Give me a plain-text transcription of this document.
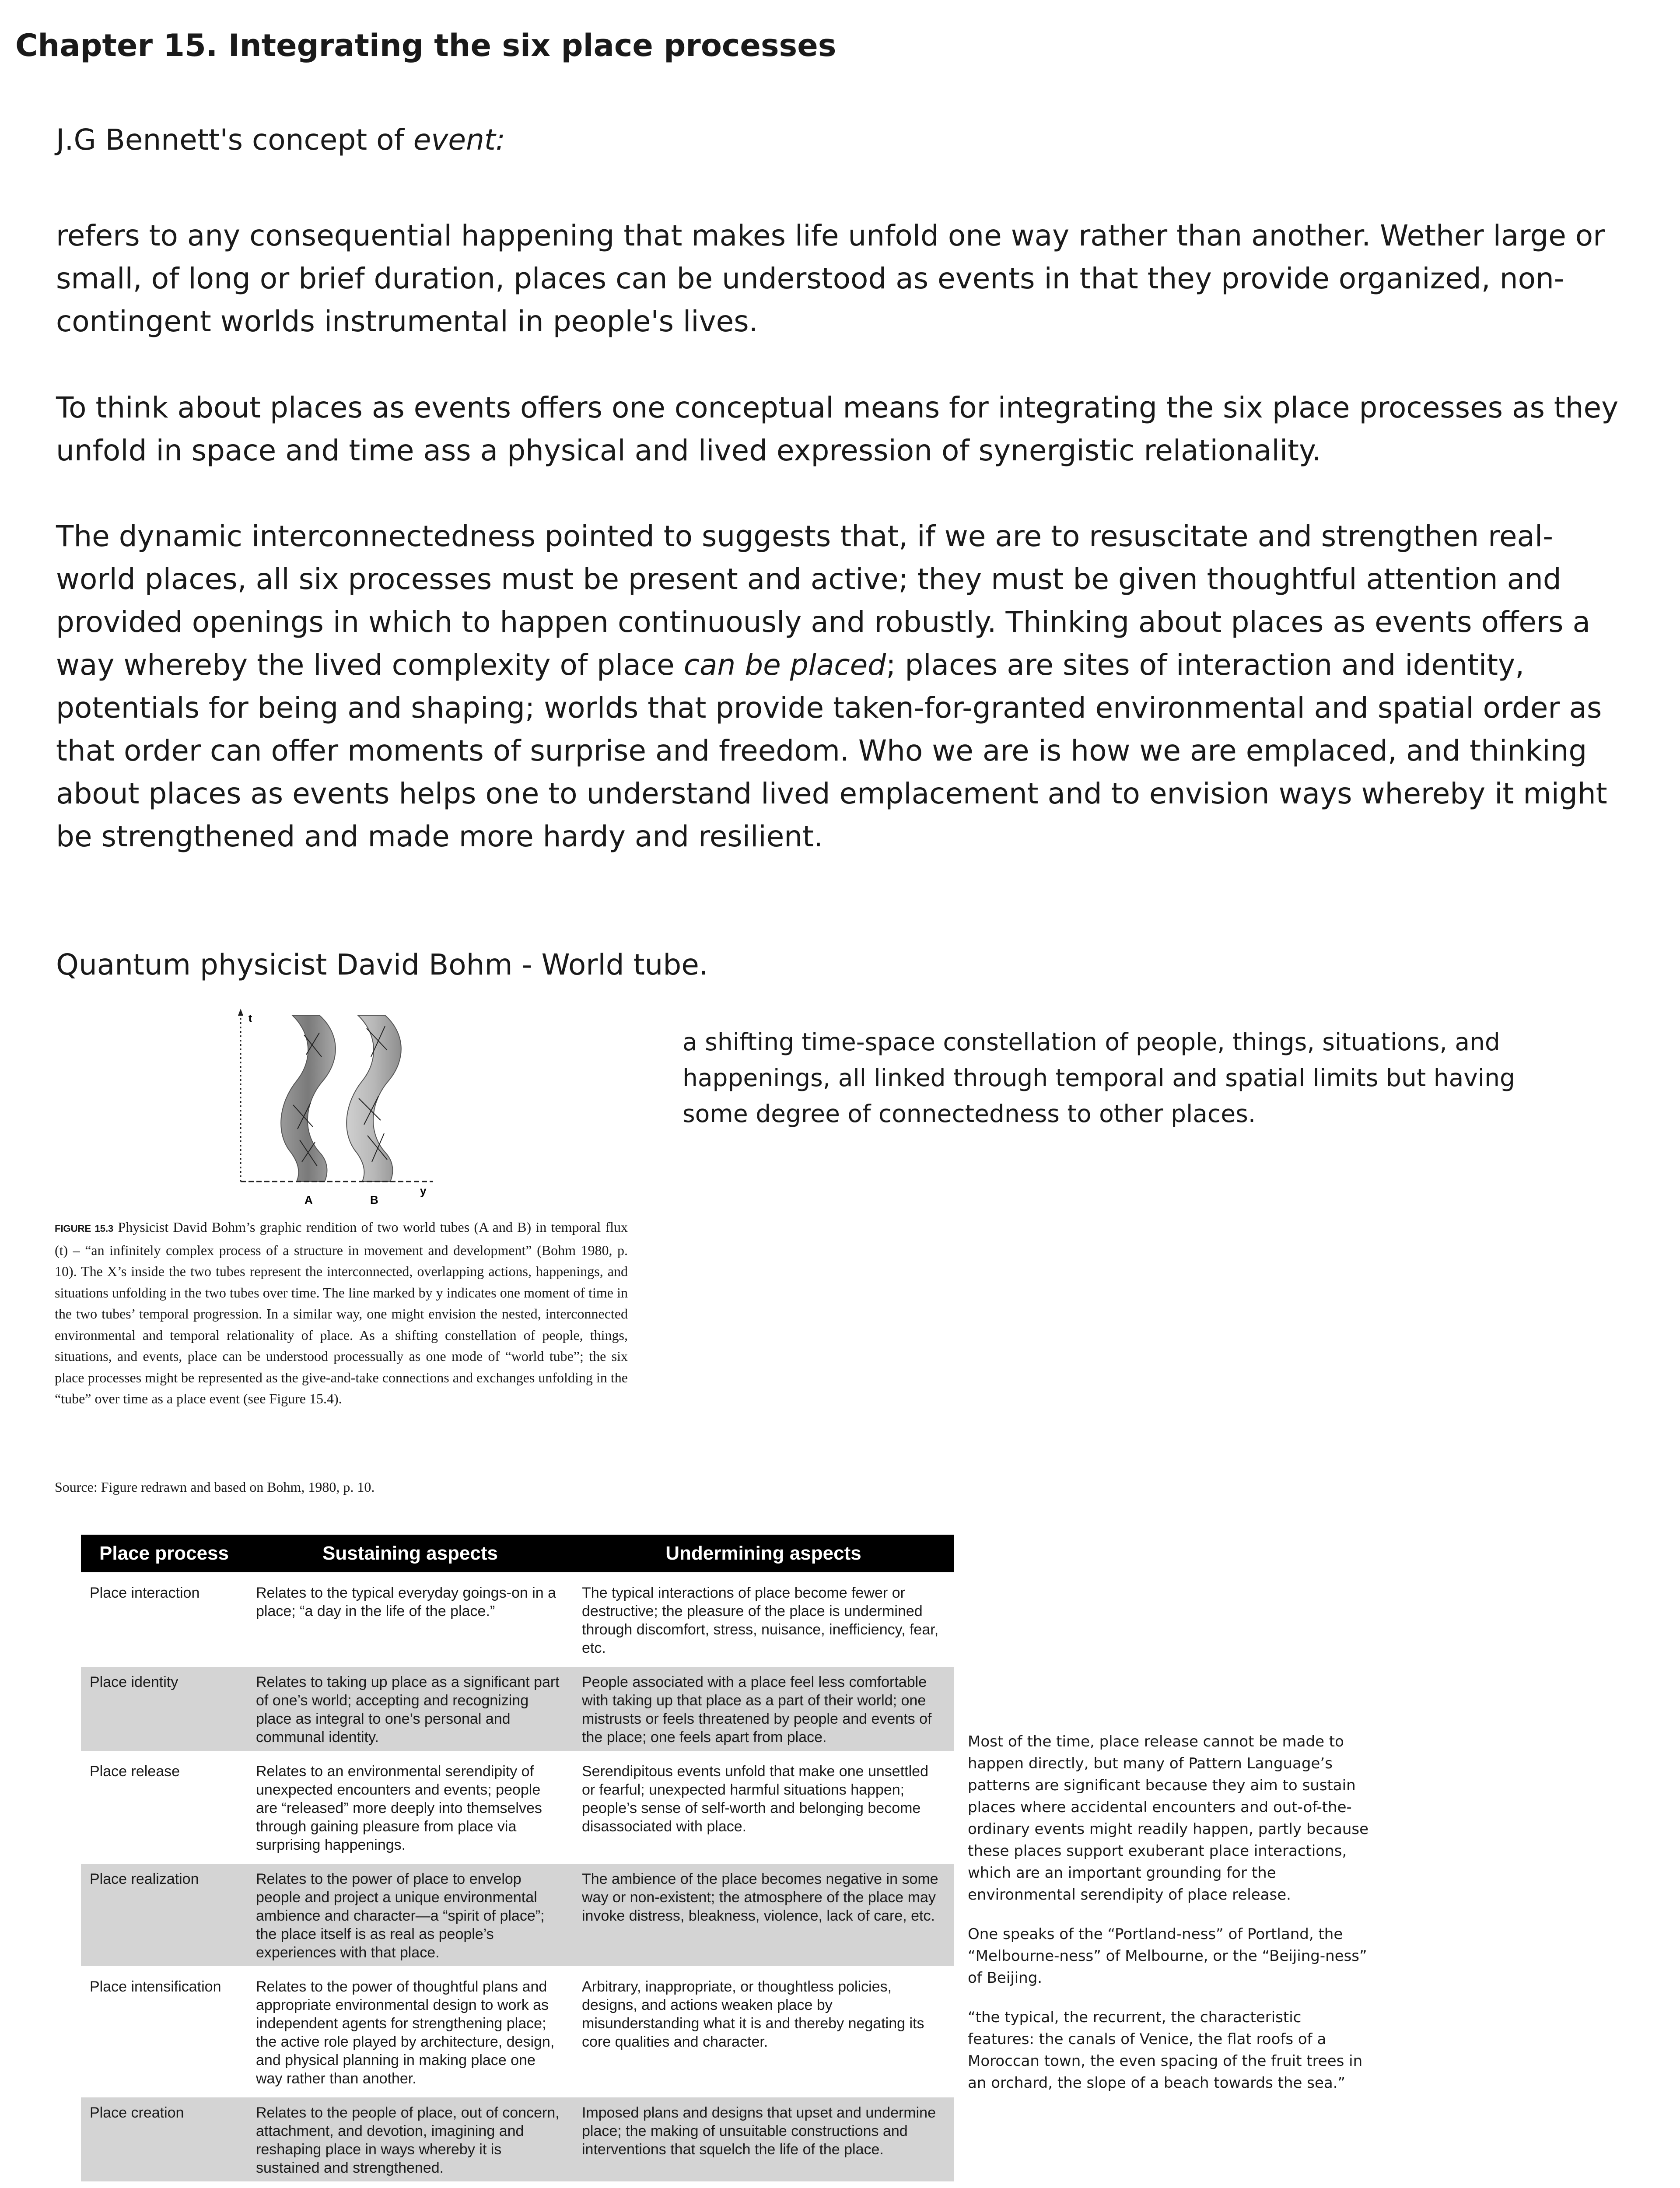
Chapter 15. Integrating the six place processes
J.G Bennett's concept of event:
refers to any consequential happening that makes life unfold one way rather than another. Wether large or small, of long or brief duration, places can be understood as events in that they provide organized, non-contingent worlds instrumental in people's lives.
To think about places as events offers one conceptual means for integrating the six place processes as they unfold in space and time ass a physical and lived expression of synergistic relationality.
The dynamic interconnectedness pointed to suggests that, if we are to resuscitate and strengthen real-world places, all six processes must be present and active; they must be given thoughtful attention and provided openings in which to happen continuously and robustly. Thinking about places as events offers a way whereby the lived complexity of place can be placed; places are sites of interaction and identity, potentials for being and shaping; worlds that provide taken-for-granted environmental and spatial order as that order can offer moments of surprise and freedom. Who we are is how we are emplaced, and thinking about places as events helps one to understand lived emplacement and to envision ways whereby it might be strengthened and made more hardy and resilient.
Quantum physicist David Bohm - World tube.
a shifting time-space constellation of people, things, situations, and happenings, all linked through temporal and spatial limits but having some degree of connectedness to other places.
t
y
A	B
FIGURE 15.3 Physicist David Bohm’s graphic rendition of two world tubes (A and B) in temporal flux (t) – “an infinitely complex process of a structure in movement and development” (Bohm 1980, p. 10). The X’s inside the two tubes represent the interconnected, overlapping actions, happenings, and situations unfolding in the two tubes over time. The line marked by y indicates one moment of time in the two tubes’ temporal progression. In a similar way, one might envision the nested, interconnected environmental and temporal relationality of place. As a shifting constellation of people, things, situations, and events, place can be understood processually as one mode of “world tube”; the six place processes might be represented as the give-and-take connections and exchanges unfolding in the “tube” over time as a place event (see Figure 15.4).
Source: Figure redrawn and based on Bohm, 1980, p. 10.
Place process	Sustaining aspects	Undermining aspects
Place interaction	Relates to the typical everyday goings-on in a place; “a day in the life of the place.”	The typical interactions of place become fewer or destructive; the pleasure of the place is undermined through discomfort, stress, nuisance, inefficiency, fear, etc.
Place identity	Relates to taking up place as a significant part of one’s world; accepting and recognizing place as integral to one’s personal and communal identity.	People associated with a place feel less comfortable with taking up that place as a part of their world; one mistrusts or feels threatened by people and events of the place; one feels apart from place.
Place release	Relates to an environmental serendipity of unexpected encounters and events; people are “released” more deeply into themselves through gaining pleasure from place via surprising happenings.	Serendipitous events unfold that make one unsettled or fearful; unexpected harmful situations happen; people’s sense of self-worth and belonging become disassociated with place.
Place realization	Relates to the power of place to envelop people and project a unique environmental ambience and character—a “spirit of place”; the place itself is as real as people’s experiences with that place.	The ambience of the place becomes negative in some way or non-existent; the atmosphere of the place may invoke distress, bleakness, violence, lack of care, etc.
Place intensification	Relates to the power of thoughtful plans and appropriate environmental design to work as independent agents for strengthening place; the active role played by architecture, design, and physical planning in making place one way rather than another.	Arbitrary, inappropriate, or thoughtless policies, designs, and actions weaken place by misunderstanding what it is and thereby negating its core qualities and character.
Place creation	Relates to the people of place, out of concern, attachment, and devotion, imagining and reshaping place in ways whereby it is sustained and strengthened.	Imposed plans and designs that upset and undermine place; the making of unsuitable constructions and interventions that squelch the life of the place.

Most of the time, place release cannot be made to happen directly, but many of Pattern Language’s patterns are significant because they aim to sustain places where accidental encounters and out-of-the-ordinary events might readily happen, partly because these places support exuberant place interactions, which are an important grounding for the environmental serendipity of place release.

One speaks of the “Portland-ness” of Portland, the “Melbourne-ness” of Melbourne, or the “Beijing-ness” of Beijing.

“the typical, the recurrent, the characteristic features: the canals of Venice, the flat roofs of a Moroccan town, the even spacing of the fruit trees in an orchard, the slope of a beach towards the sea.”
